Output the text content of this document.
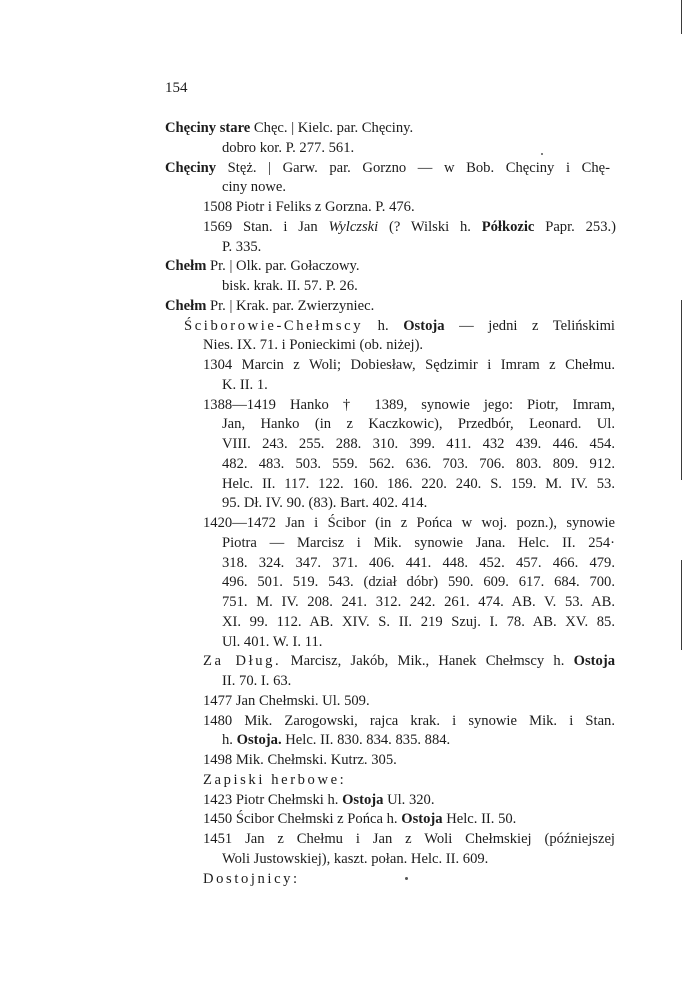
154
Chęciny stare Chęc. | Kielc. par. Chęciny.
dobro kor. P. 277. 561.
Chęciny Stęż. | Garw. par. Gorzno — w Bob. Chęciny i Chę-
ciny nowe.
1508 Piotr i Feliks z Gorzna. P. 476.
1569 Stan. i Jan Wylczski (? Wilski h. Półkozic Papr. 253.)
P. 335.
Chełm Pr. | Olk. par. Gołaczowy.
bisk. krak. II. 57. P. 26.
Chełm Pr. | Krak. par. Zwierzyniec.
Ściborowie-Chełmscy h. Ostoja — jedni z Telińskimi
Nies. IX. 71. i Ponieckimi (ob. niżej).
1304 Marcin z Woli; Dobiesław, Sędzimir i Imram z Chełmu.
K. II. 1.
1388—1419 Hanko † 1389, synowie jego: Piotr, Imram,
Jan, Hanko (in z Kaczkowic), Przedbór, Leonard. Ul.
VIII. 243. 255. 288. 310. 399. 411. 432 439. 446. 454.
482. 483. 503. 559. 562. 636. 703. 706. 803. 809. 912.
Helc. II. 117. 122. 160. 186. 220. 240. S. 159. M. IV. 53.
95. Dł. IV. 90. (83). Bart. 402. 414.
1420—1472 Jan i Ścibor (in z Pońca w woj. pozn.), synowie
Piotra — Marcisz i Mik. synowie Jana. Helc. II. 254·
318. 324. 347. 371. 406. 441. 448. 452. 457. 466. 479.
496. 501. 519. 543. (dział dóbr) 590. 609. 617. 684. 700.
751. M. IV. 208. 241. 312. 242. 261. 474. AB. V. 53. AB.
XI. 99. 112. AB. XIV. S. II. 219 Szuj. I. 78. AB. XV. 85.
Ul. 401. W. I. 11.
Za Dług. Marcisz, Jakób, Mik., Hanek Chełmscy h. Ostoja
II. 70. I. 63.
1477 Jan Chełmski. Ul. 509.
1480 Mik. Zarogowski, rajca krak. i synowie Mik. i Stan.
h. Ostoja. Helc. II. 830. 834. 835. 884.
1498 Mik. Chełmski. Kutrz. 305.
Zapiski herbowe:
1423 Piotr Chełmski h. Ostoja Ul. 320.
1450 Ścibor Chełmski z Pońca h. Ostoja Helc. II. 50.
1451 Jan z Chełmu i Jan z Woli Chełmskiej (późniejszej
Woli Justowskiej), kaszt. połan. Helc. II. 609.
Dostojnicy:
